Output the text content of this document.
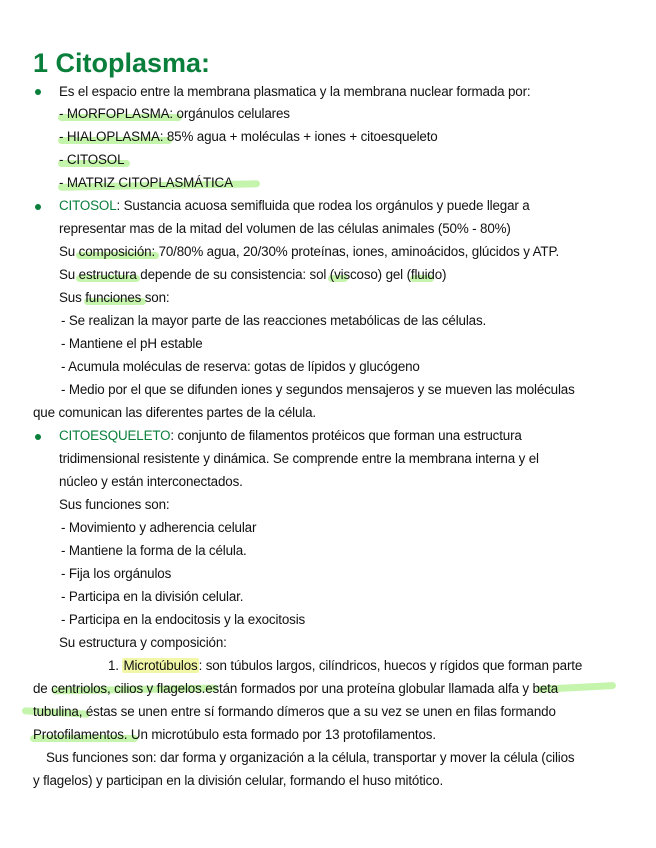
1 Citoplasma:
Es el espacio entre la membrana plasmatica y la membrana nuclear formada por:
- MORFOPLASMA: orgánulos celulares
- HIALOPLASMA: 85% agua + moléculas + iones + citoesqueleto
- CITOSOL
- MATRIZ CITOPLASMÁTICA
CITOSOL: Sustancia acuosa semifluida que rodea los orgánulos y puede llegar a
representar mas de la mitad del volumen de las células animales (50% - 80%)
Su composición: 70/80% agua, 20/30% proteínas, iones, aminoácidos, glúcidos y ATP.
Su estructura depende de su consistencia: sol (viscoso) gel (fluido)
Sus funciones son:
- Se realizan la mayor parte de las reacciones metabólicas de las células.
- Mantiene el pH estable
- Acumula moléculas de reserva: gotas de lípidos y glucógeno
- Medio por el que se difunden iones y segundos mensajeros y se mueven las moléculas
que comunican las diferentes partes de la célula.
CITOESQUELETO: conjunto de filamentos protéicos que forman una estructura
tridimensional resistente y dinámica. Se comprende entre la membrana interna y el
núcleo y están interconectados.
Sus funciones son:
- Movimiento y adherencia celular
- Mantiene la forma de la célula.
- Fija los orgánulos
- Participa en la división celular.
- Participa en la endocitosis y la exocitosis
Su estructura y composición:
1. Microtúbulos: son túbulos largos, cilíndricos, huecos y rígidos que forman parte
de centriolos, cilios y flagelos.están formados por una proteína globular llamada alfa y beta
tubulina, éstas se unen entre sí formando dímeros que a su vez se unen en filas formando
Protofilamentos. Un microtúbulo esta formado por 13 protofilamentos.
Sus funciones son: dar forma y organización a la célula, transportar y mover la célula (cilios
y flagelos) y participan en la división celular, formando el huso mitótico.
